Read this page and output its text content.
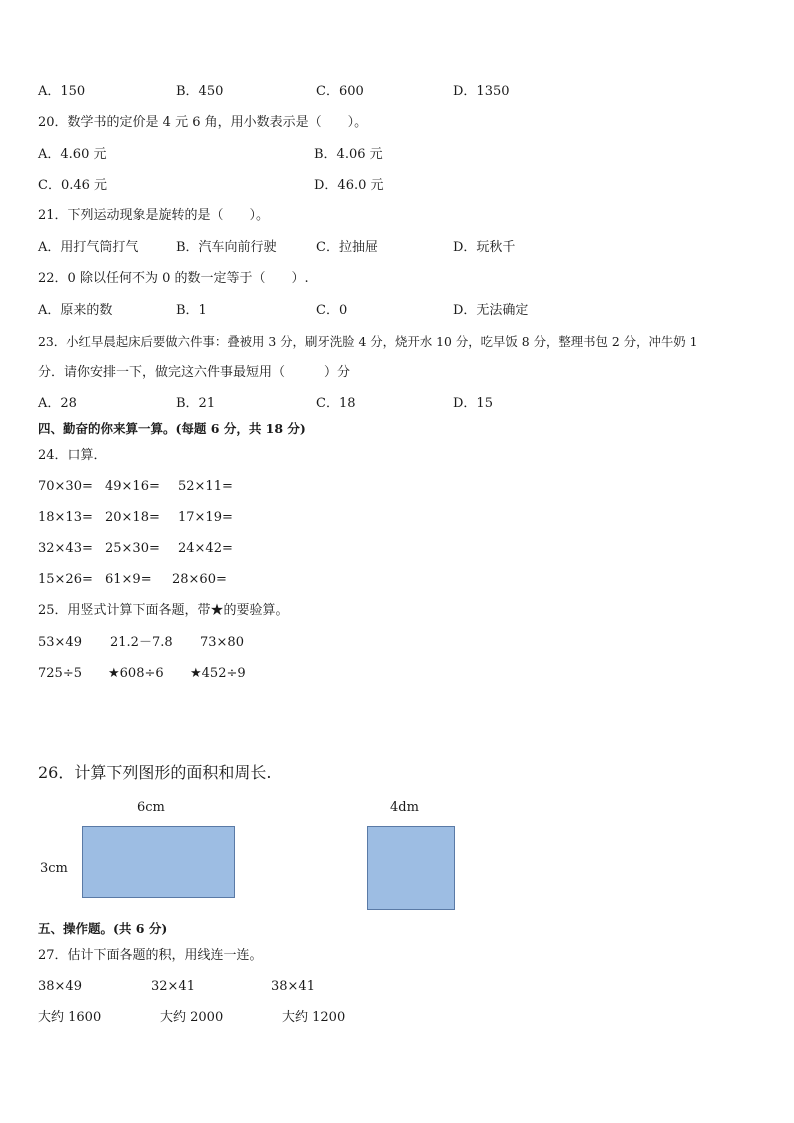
A．150	B．450	C．600	D．1350
20．数学书的定价是 4 元 6 角，用小数表示是（　　）。
A．4.60 元	B．4.06 元
C．0.46 元	D．46.0 元
21．下列运动现象是旋转的是（　　）。
A．用打气筒打气	B．汽车向前行驶	C．拉抽屉	D．玩秋千
22．0 除以任何不为 0 的数一定等于（　　）.
A．原来的数	B．1	C．0	D．无法确定
23．小红早晨起床后要做六件事：叠被用 3 分，刷牙洗脸 4 分，烧开水 10 分，吃早饭 8 分，整理书包 2 分，冲牛奶 1
分．请你安排一下，做完这六件事最短用（　　　）分
A．28	B．21	C．18	D．15
四、勤奋的你来算一算。(每题 6 分，共 18 分)
24．口算．
70×30= 49×16= 52×11=
18×13= 20×18= 17×19=
32×43= 25×30= 24×42=
15×26= 61×9= 28×60=
25．用竖式计算下面各题，带★的要验算。
53×49 21.2－7.8 73×80
725÷5 ★608÷6 ★452÷9
26．计算下列图形的面积和周长.
6cm
3cm
4dm
五、操作题。(共 6 分)
27．估计下面各题的积，用线连一连。
38×49	32×41	38×41
大约 1600	大约 2000	大约 1200
